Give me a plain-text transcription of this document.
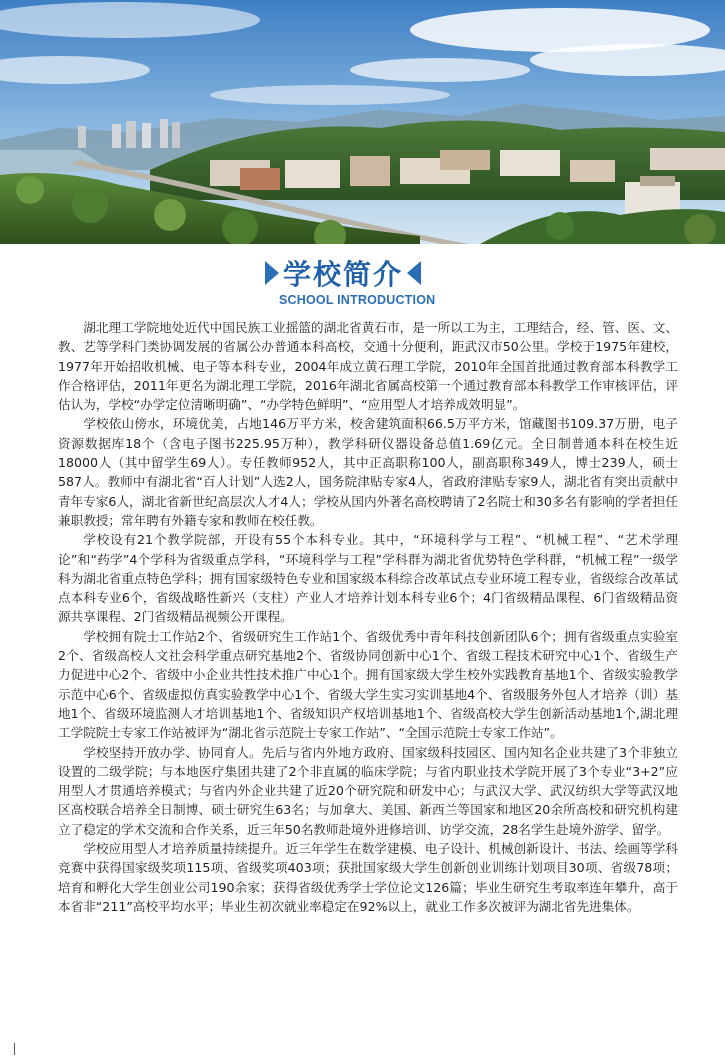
学校简介
SCHOOL INTRODUCTION

湖北理工学院地处近代中国民族工业摇篮的湖北省黄石市，是一所以工为主，工理结合，经、管、医、文、教、艺等学科门类协调发展的省属公办普通本科高校，交通十分便利，距武汉市50公里。学校于1975年建校，1977年开始招收机械、电子等本科专业，2004年成立黄石理工学院，2010年全国首批通过教育部本科教学工作合格评估，2011年更名为湖北理工学院，2016年湖北省属高校第一个通过教育部本科教学工作审核评估，评估认为，学校“办学定位清晰明确”、“办学特色鲜明”、“应用型人才培养成效明显”。

学校依山傍水，环境优美，占地146万平方米，校舍建筑面积66.5万平方米，馆藏图书109.37万册，电子资源数据库18个（含电子图书225.95万种），教学科研仪器设备总值1.69亿元。全日制普通本科在校生近18000人（其中留学生69人）。专任教师952人，其中正高职称100人，副高职称349人，博士239人，硕士587人。教师中有湖北省“百人计划”人选2人，国务院津贴专家4人，省政府津贴专家9人，湖北省有突出贡献中青年专家6人，湖北省新世纪高层次人才4人；学校从国内外著名高校聘请了2名院士和30多名有影响的学者担任兼职教授；常年聘有外籍专家和教师在校任教。

学校设有21个教学院部，开设有55个本科专业。其中，“环境科学与工程”、“机械工程”、“艺术学理论”和“药学”4个学科为省级重点学科，“环境科学与工程”学科群为湖北省优势特色学科群，“机械工程”一级学科为湖北省重点特色学科；拥有国家级特色专业和国家级本科综合改革试点专业环境工程专业，省级综合改革试点本科专业6个，省级战略性新兴（支柱）产业人才培养计划本科专业6个；4门省级精品课程、6门省级精品资源共享课程、2门省级精品视频公开课程。

学校拥有院士工作站2个、省级研究生工作站1个、省级优秀中青年科技创新团队6个；拥有省级重点实验室2个、省级高校人文社会科学重点研究基地2个、省级协同创新中心1个、省级工程技术研究中心1个、省级生产力促进中心2个、省级中小企业共性技术推广中心1个。拥有国家级大学生校外实践教育基地1个、省级实验教学示范中心6个、省级虚拟仿真实验教学中心1个、省级大学生实习实训基地4个、省级服务外包人才培养（训）基地1个、省级环境监测人才培训基地1个、省级知识产权培训基地1个、省级高校大学生创新活动基地1个,湖北理工学院院士专家工作站被评为“湖北省示范院士专家工作站”、“全国示范院士专家工作站”。

学校坚持开放办学、协同育人。先后与省内外地方政府、国家级科技园区、国内知名企业共建了3个非独立设置的二级学院；与本地医疗集团共建了2个非直属的临床学院；与省内职业技术学院开展了3个专业“3+2”应用型人才贯通培养模式；与省内外企业共建了近20个研究院和研发中心；与武汉大学、武汉纺织大学等武汉地区高校联合培养全日制博、硕士研究生63名；与加拿大、美国、新西兰等国家和地区20余所高校和研究机构建立了稳定的学术交流和合作关系，近三年50名教师赴境外进修培训、访学交流，28名学生赴境外游学、留学。

学校应用型人才培养质量持续提升。近三年学生在数学建模、电子设计、机械创新设计、书法、绘画等学科竞赛中获得国家级奖项115项、省级奖项403项；获批国家级大学生创新创业训练计划项目30项、省级78项；培育和孵化大学生创业公司190余家；获得省级优秀学士学位论文126篇；毕业生研究生考取率连年攀升，高于本省非“211”高校平均水平；毕业生初次就业率稳定在92%以上，就业工作多次被评为湖北省先进集体。
